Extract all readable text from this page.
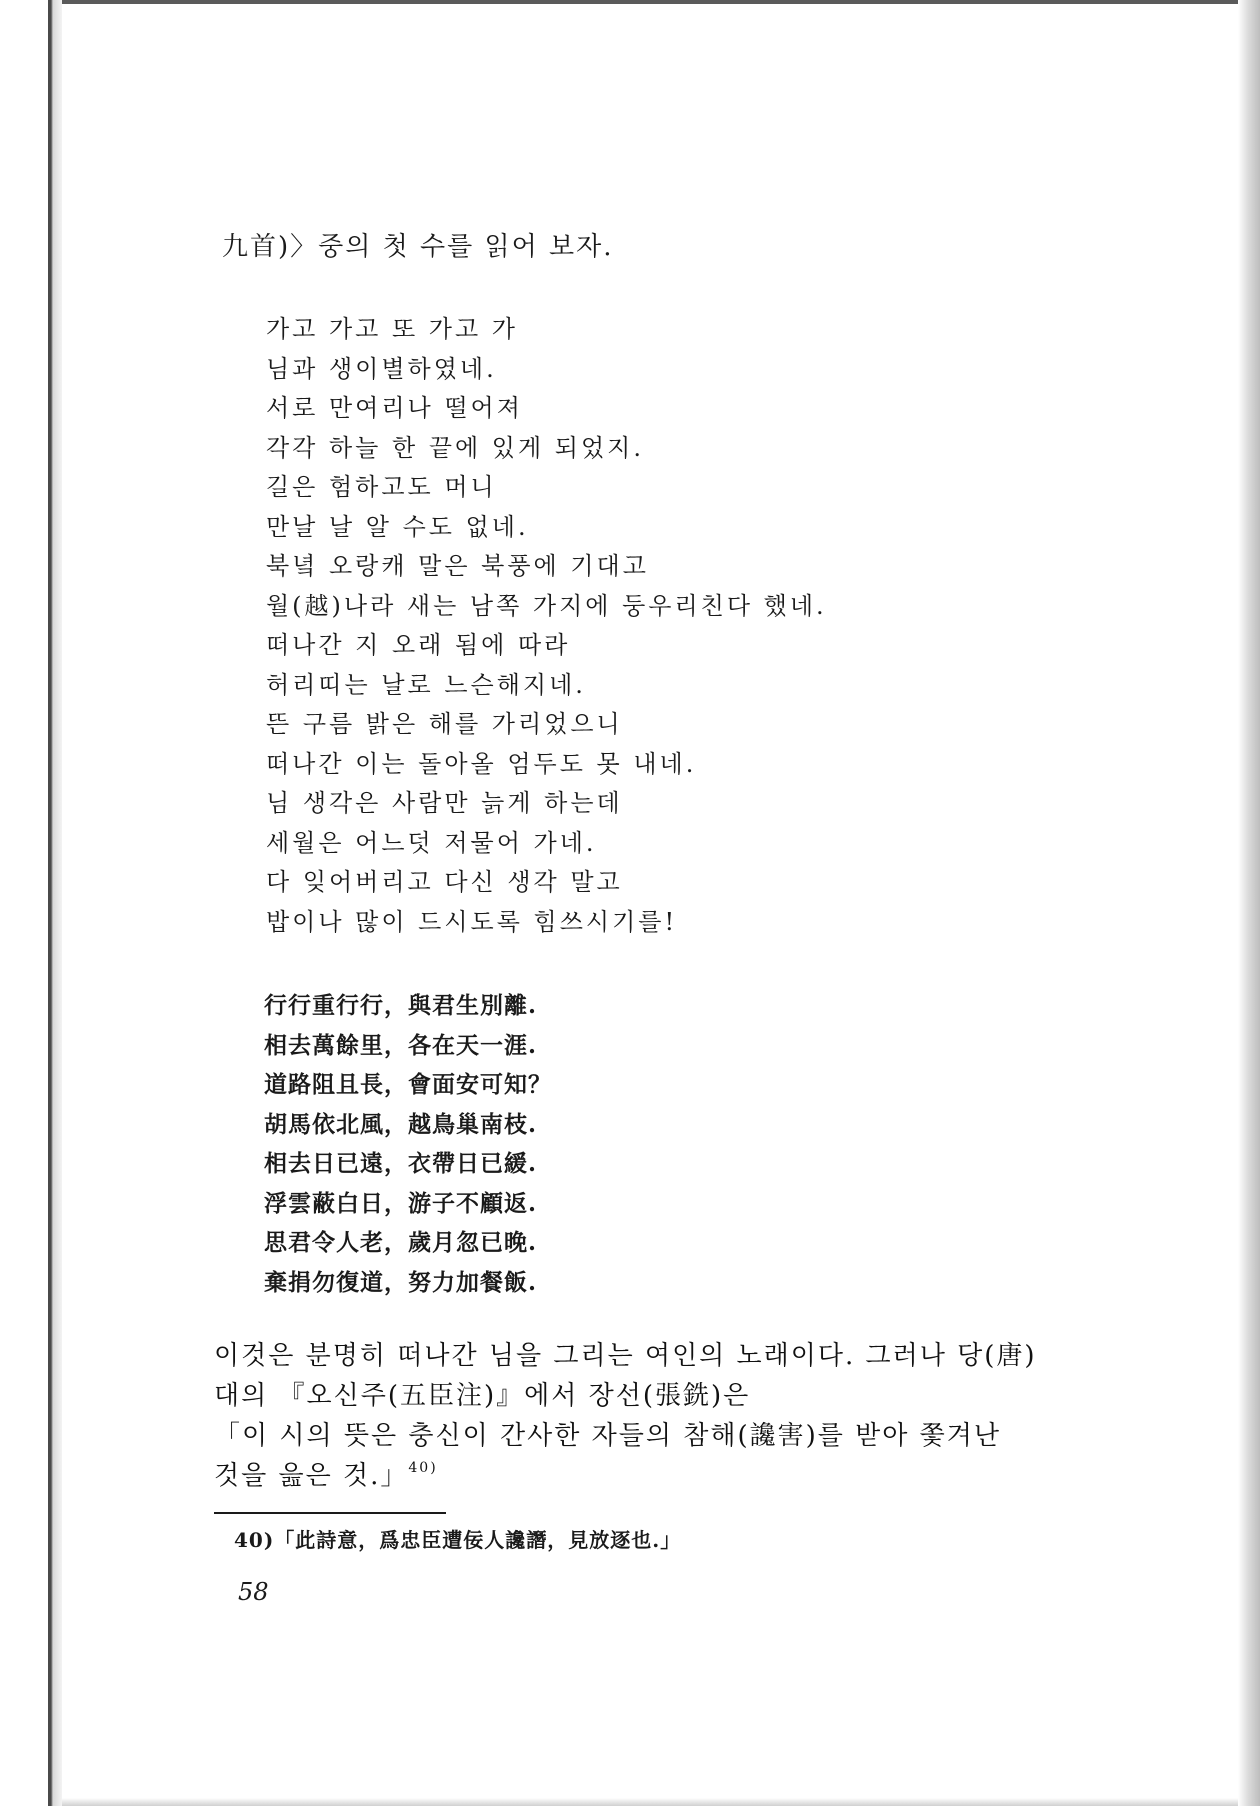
九首)〉중의 첫 수를 읽어 보자.
가고 가고 또 가고 가
님과 생이별하였네.
서로 만여리나 떨어져
각각 하늘 한 끝에 있게 되었지.
길은 험하고도 머니
만날 날 알 수도 없네.
북녘 오랑캐 말은 북풍에 기대고
월(越)나라 새는 남쪽 가지에 둥우리친다 했네.
떠나간 지 오래 됨에 따라
허리띠는 날로 느슨해지네.
뜬 구름 밝은 해를 가리었으니
떠나간 이는 돌아올 엄두도 못 내네.
님 생각은 사람만 늙게 하는데
세월은 어느덧 저물어 가네.
다 잊어버리고 다신 생각 말고
밥이나 많이 드시도록 힘쓰시기를!
行行重行行，與君生別離.
相去萬餘里，各在天一涯.
道路阻且長，會面安可知？
胡馬依北風，越鳥巢南枝.
相去日已遠，衣帶日已緩.
浮雲蔽白日，游子不顧返.
思君令人老，歲月忽已晚.
棄捐勿復道，努力加餐飯.
이것은 분명히 떠나간 님을 그리는 여인의 노래이다. 그러나 당(唐)
대의 『오신주(五臣注)』에서 장선(張銑)은
「이 시의 뜻은 충신이 간사한 자들의 참해(讒害)를 받아 쫓겨난
것을 읊은 것.」$^{40)}$
40)「此詩意，爲忠臣遭佞人讒譖，見放逐也.」
58
